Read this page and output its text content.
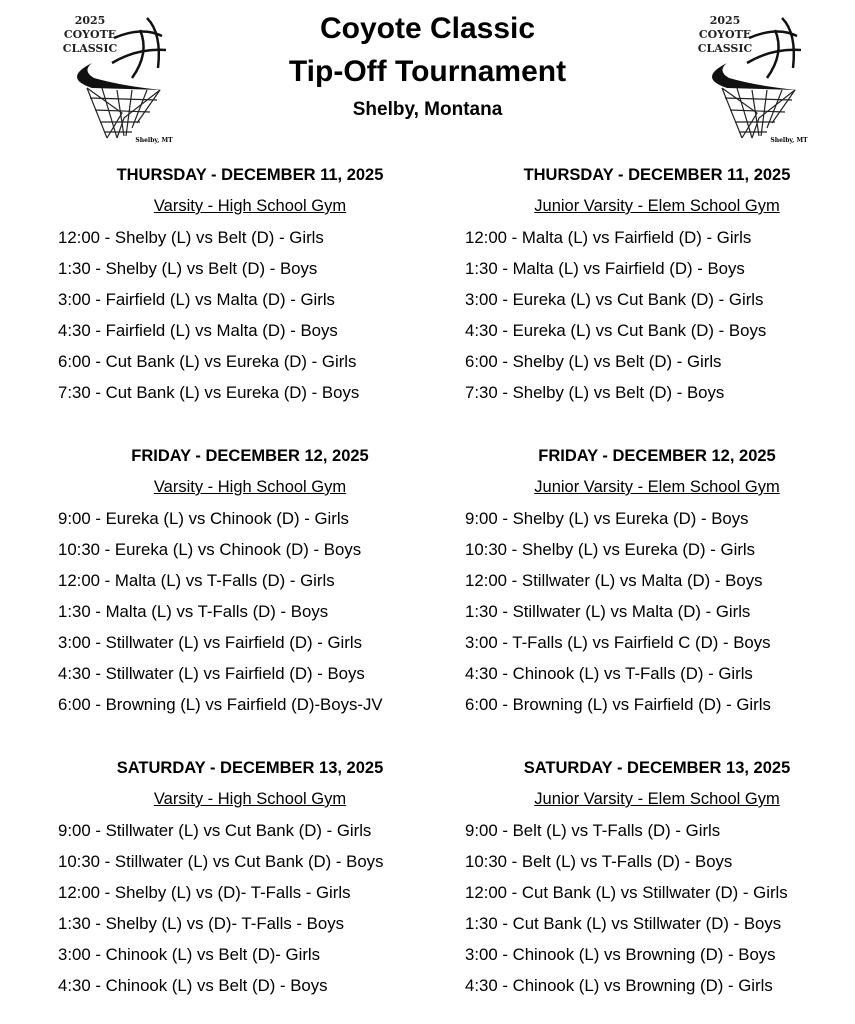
Coyote Classic
Tip-Off Tournament
Shelby, Montana
2025
COYOTE
CLASSIC
Shelby, MT
2025
COYOTE
CLASSIC
Shelby, MT
THURSDAY - DECEMBER 11, 2025
Varsity - High School Gym
12:00 - Shelby (L) vs Belt (D) - Girls
1:30 - Shelby (L) vs Belt (D) - Boys
3:00 - Fairfield (L) vs Malta (D) - Girls
4:30 - Fairfield (L) vs Malta (D) - Boys
6:00 - Cut Bank (L) vs Eureka (D) - Girls
7:30 - Cut Bank (L) vs Eureka (D) - Boys
FRIDAY - DECEMBER 12, 2025
Varsity - High School Gym
9:00 - Eureka (L) vs Chinook (D) - Girls
10:30 - Eureka (L) vs Chinook (D) - Boys
12:00 - Malta (L) vs T-Falls (D) - Girls
1:30 - Malta (L) vs T-Falls (D) - Boys
3:00 - Stillwater (L) vs Fairfield (D) - Girls
4:30 - Stillwater (L) vs Fairfield (D) - Boys
6:00 - Browning (L) vs Fairfield (D)-Boys-JV
SATURDAY - DECEMBER 13, 2025
Varsity - High School Gym
9:00 - Stillwater (L) vs Cut Bank (D) - Girls
10:30 - Stillwater (L) vs Cut Bank (D) - Boys
12:00 - Shelby (L) vs (D)- T-Falls - Girls
1:30 - Shelby (L) vs (D)- T-Falls - Boys
3:00 - Chinook (L) vs Belt (D)- Girls
4:30 - Chinook (L) vs Belt (D) - Boys
THURSDAY - DECEMBER 11, 2025
Junior Varsity - Elem School Gym
12:00 - Malta (L) vs Fairfield (D) - Girls
1:30 - Malta (L) vs Fairfield (D) - Boys
3:00 - Eureka (L) vs Cut Bank (D) - Girls
4:30 - Eureka (L) vs Cut Bank (D) - Boys
6:00 - Shelby (L) vs Belt (D) - Girls
7:30 - Shelby (L) vs Belt (D) - Boys
FRIDAY - DECEMBER 12, 2025
Junior Varsity - Elem School Gym
9:00 - Shelby (L) vs Eureka (D) - Boys
10:30 - Shelby (L) vs Eureka (D) - Girls
12:00 - Stillwater (L) vs Malta (D) - Boys
1:30 - Stillwater (L) vs Malta (D) - Girls
3:00 - T-Falls (L) vs Fairfield C (D) - Boys
4:30 - Chinook (L) vs T-Falls (D) - Girls
6:00 - Browning (L) vs Fairfield (D) - Girls
SATURDAY - DECEMBER 13, 2025
Junior Varsity - Elem School Gym
9:00 - Belt (L) vs T-Falls (D) - Girls
10:30 - Belt (L) vs T-Falls (D) - Boys
12:00 - Cut Bank (L) vs Stillwater (D) - Girls
1:30 - Cut Bank (L) vs Stillwater (D) - Boys
3:00 - Chinook (L) vs Browning (D) - Boys
4:30 - Chinook (L) vs Browning (D) - Girls
